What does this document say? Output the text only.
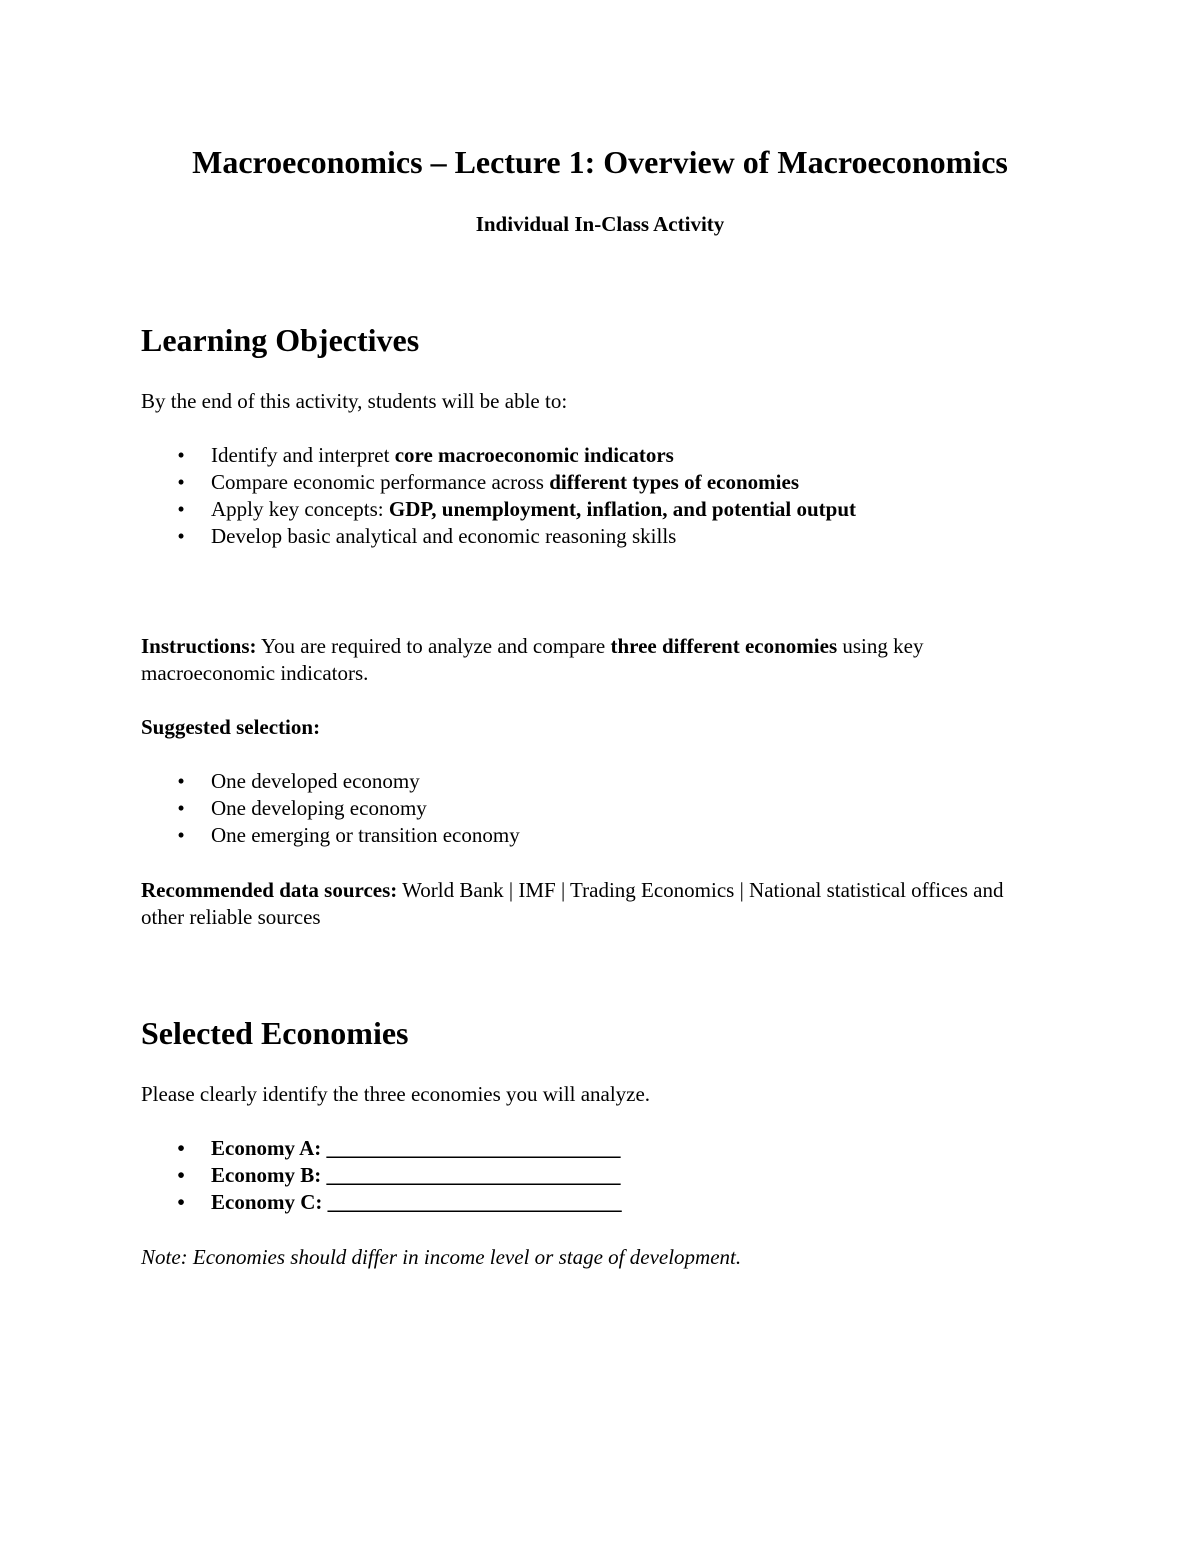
Macroeconomics – Lecture 1: Overview of Macroeconomics
Individual In-Class Activity
Learning Objectives

By the end of this activity, students will be able to:

• Identify and interpret core macroeconomic indicators
• Compare economic performance across different types of economies
• Apply key concepts: GDP, unemployment, inflation, and potential output
• Develop basic analytical and economic reasoning skills

Instructions: You are required to analyze and compare three different economies using key macroeconomic indicators.

Suggested selection:

• One developed economy
• One developing economy
• One emerging or transition economy

Recommended data sources: World Bank | IMF | Trading Economics | National statistical offices and other reliable sources

Selected Economies

Please clearly identify the three economies you will analyze.

• Economy A: ____________________________
• Economy B: ____________________________
• Economy C: ____________________________

Note: Economies should differ in income level or stage of development.
